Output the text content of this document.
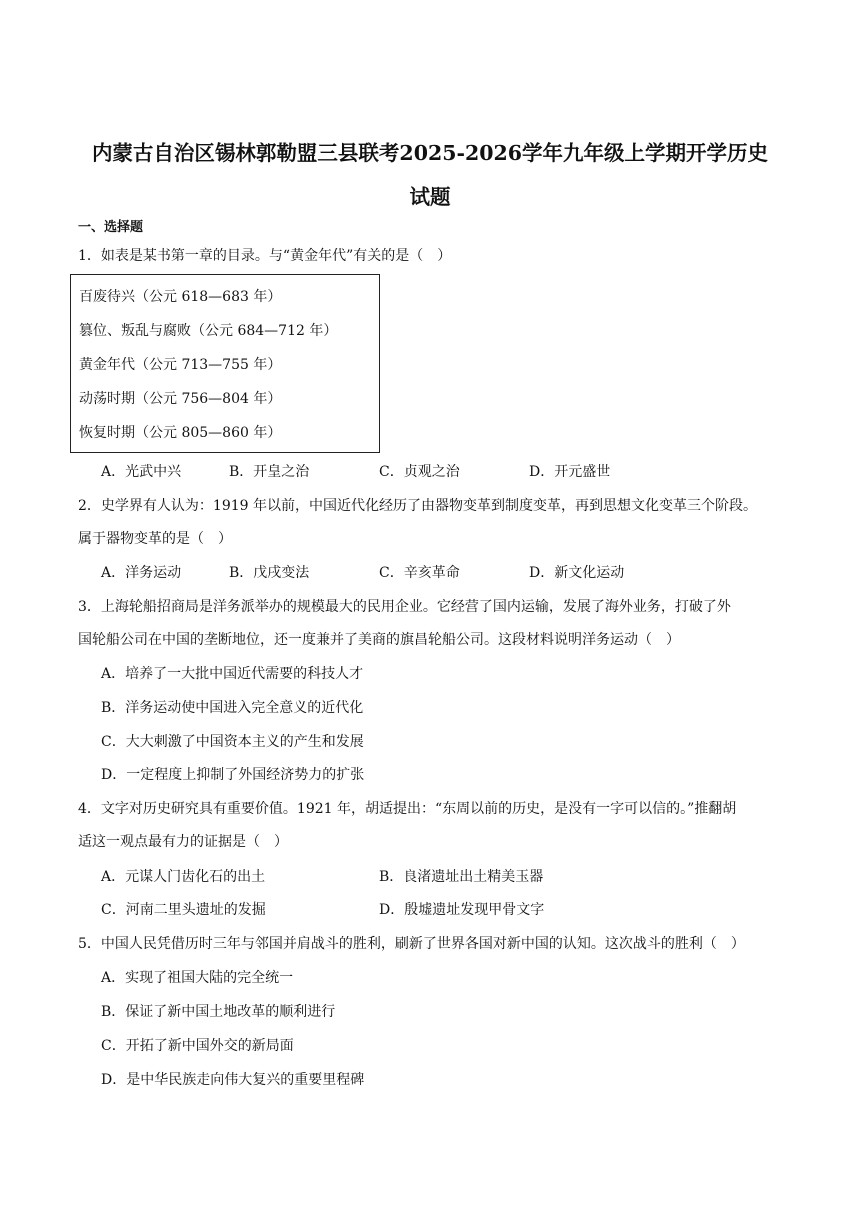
内蒙古自治区锡林郭勒盟三县联考2025-2026学年九年级上学期开学历史
试题
一、选择题
1．如表是某书第一章的目录。与“黄金年代”有关的是（　）
百废待兴（公元 618—683 年）
篡位、叛乱与腐败（公元 684—712 年）
黄金年代（公元 713—755 年）
动荡时期（公元 756—804 年）
恢复时期（公元 805—860 年）
A．光武中兴	B．开皇之治	C．贞观之治	D．开元盛世
2．史学界有人认为：1919 年以前，中国近代化经历了由器物变革到制度变革，再到思想文化变革三个阶段。
属于器物变革的是（　）
A．洋务运动	B．戊戌变法	C．辛亥革命	D．新文化运动
3．上海轮船招商局是洋务派举办的规模最大的民用企业。它经营了国内运输，发展了海外业务，打破了外
国轮船公司在中国的垄断地位，还一度兼并了美商的旗昌轮船公司。这段材料说明洋务运动（　）
A．培养了一大批中国近代需要的科技人才
B．洋务运动使中国进入完全意义的近代化
C．大大刺激了中国资本主义的产生和发展
D．一定程度上抑制了外国经济势力的扩张
4．文字对历史研究具有重要价值。1921 年，胡适提出：“东周以前的历史，是没有一字可以信的。”推翻胡
适这一观点最有力的证据是（　）
A．元谋人门齿化石的出土	B．良渚遗址出土精美玉器
C．河南二里头遗址的发掘	D．殷墟遗址发现甲骨文字
5．中国人民凭借历时三年与邻国并肩战斗的胜利，刷新了世界各国对新中国的认知。这次战斗的胜利（　）
A．实现了祖国大陆的完全统一
B．保证了新中国土地改革的顺利进行
C．开拓了新中国外交的新局面
D．是中华民族走向伟大复兴的重要里程碑
